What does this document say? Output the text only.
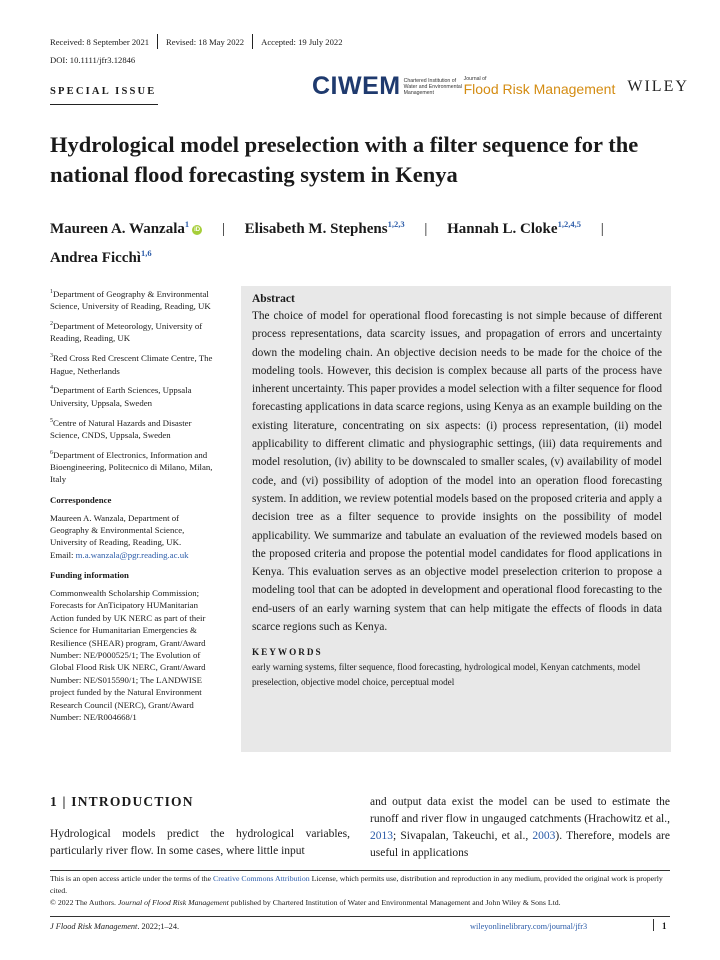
Received: 8 September 2021 Revised: 18 May 2022 Accepted: 19 July 2022
DOI: 10.1111/jfr3.12846
SPECIAL ISSUE	CIWEM Chartered Institution of Water and Environmental Management
Journal of
Flood Risk Management WILEY
Hydrological model preselection with a filter sequence for the national flood forecasting system in Kenya
Maureen A. Wanzala$^1$iD | Elisabeth M. Stephens$^{1,2,3}$ | Hannah L. Cloke$^{1,2,4,5}$ |
Andrea Ficchì$^{1,6}$

$^1$Department of Geography & Environmental Science, University of Reading, Reading, UK

$^2$Department of Meteorology, University of Reading, Reading, UK

$^3$Red Cross Red Crescent Climate Centre, The Hague, Netherlands

$^4$Department of Earth Sciences, Uppsala University, Uppsala, Sweden

$^5$Centre of Natural Hazards and Disaster Science, CNDS, Uppsala, Sweden

$^6$Department of Electronics, Information and Bioengineering, Politecnico di Milano, Milan, Italy

Correspondence

Maureen A. Wanzala, Department of Geography & Environmental Science, University of Reading, Reading, UK.
Email: m.a.wanzala@pgr.reading.ac.uk

Funding information

Commonwealth Scholarship Commission; Forecasts for AnTicipatory HUManitarian Action funded by UK NERC as part of their Science for Humanitarian Emergencies & Resilience (SHEAR) program, Grant/Award Number: NE/P000525/1; The Evolution of Global Flood Risk UK NERC, Grant/Award Number: NE/S015590/1; The LANDWISE project funded by the Natural Environment Research Council (NERC), Grant/Award Number: NE/R004668/1

Abstract

The choice of model for operational flood forecasting is not simple because of different process representations, data scarcity issues, and propagation of errors and uncertainty down the modeling chain. An objective decision needs to be made for the choice of the modeling tools. However, this decision is complex because all parts of the process have inherent uncertainty. This paper provides a model selection with a filter sequence for flood forecasting applications in data scarce regions, using Kenya as an example building on the existing literature, concentrating on six aspects: (i) process representation, (ii) model applicability to different climatic and physiographic settings, (iii) data requirements and model resolution, (iv) ability to be downscaled to smaller scales, (v) availability of model code, and (vi) possibility of adoption of the model into an operation flood forecasting system. In addition, we review potential models based on the proposed criteria and apply a decision tree as a filter sequence to provide insights on the possibility of model applicability. We summarize and tabulate an evaluation of the reviewed models based on the proposed criteria and propose the potential model candidates for flood applications in Kenya. This evaluation serves as an objective model preselection criterion to propose a modeling tool that can be adopted in development and operational flood forecasting to the end-users of an early warning system that can help mitigate the effects of floods in data scarce regions such as Kenya.

KEYWORDS
early warning systems, filter sequence, flood forecasting, hydrological model, Kenyan catchments, model preselection, objective model choice, perceptual model
1 | INTRODUCTION

Hydrological models predict the hydrological variables, particularly river flow. In some cases, where little input

and output data exist the model can be used to estimate the runoff and river flow in ungauged catchments (Hrachowitz et al., 2013; Sivapalan, Takeuchi, et al., 2003). Therefore, models are useful in applications

This is an open access article under the terms of the Creative Commons Attribution License, which permits use, distribution and reproduction in any medium, provided the original work is properly cited.
© 2022 The Authors. Journal of Flood Risk Management published by Chartered Institution of Water and Environmental Management and John Wiley & Sons Ltd.
J Flood Risk Management. 2022;1–24.	wileyonlinelibrary.com/journal/jfr3	1
